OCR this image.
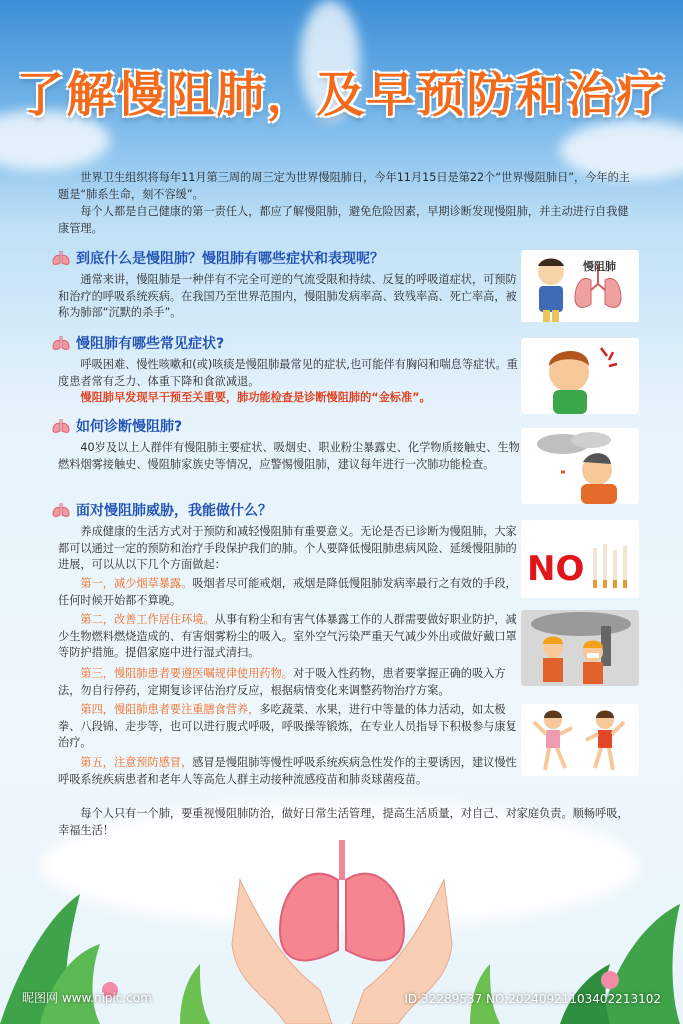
了解慢阻肺，及早预防和治疗

世界卫生组织将每年11月第三周的周三定为世界慢阻肺日，今年11月15日是第22个“世界慢阻肺日”，今年的主题是“肺系生命，刻不容缓”。

每个人都是自己健康的第一责任人，都应了解慢阻肺，避免危险因素，早期诊断发现慢阻肺，并主动进行自我健康管理。

到底什么是慢阻肺？慢阻肺有哪些症状和表现呢？

通常来讲，慢阻肺是一种伴有不完全可逆的气流受限和持续、反复的呼吸道症状，可预防和治疗的呼吸系统疾病。在我国乃至世界范围内，慢阻肺发病率高、致残率高、死亡率高，被称为肺部“沉默的杀手”。

慢阻肺
慢阻肺有哪些常见症状?

呼吸困难、慢性咳嗽和(或)咳痰是慢阻肺最常见的症状,也可能伴有胸闷和喘息等症状。重度患者常有乏力、体重下降和食欲减退。

慢阻肺早发现早干预至关重要，肺功能检查是诊断慢阻肺的“金标准”。

如何诊断慢阻肺?

40岁及以上人群伴有慢阻肺主要症状、吸烟史、职业粉尘暴露史、化学物质接触史、生物燃料烟雾接触史、慢阻肺家族史等情况，应警惕慢阻肺，建议每年进行一次肺功能检查。

面对慢阻肺威胁，我能做什么？

养成健康的生活方式对于预防和减轻慢阻肺有重要意义。无论是否已诊断为慢阻肺，大家都可以通过一定的预防和治疗手段保护我们的肺。个人要降低慢阻肺患病风险、延缓慢阻肺的进展，可以从以下几个方面做起：	NO

第一，减少烟草暴露。吸烟者尽可能戒烟，戒烟是降低慢阻肺发病率最行之有效的手段，任何时候开始都不算晚。

第二，改善工作居住环境。从事有粉尘和有害气体暴露工作的人群需要做好职业防护，减少生物燃料燃烧造成的、有害烟雾粉尘的吸入。室外空气污染严重天气减少外出或做好戴口罩等防护措施。提倡家庭中进行湿式清扫。

第三，慢阻肺患者要遵医嘱规律使用药物。对于吸入性药物，患者要掌握正确的吸入方法，勿自行停药，定期复诊评估治疗反应，根据病情变化来调整药物治疗方案。

第四，慢阻肺患者要注重膳食营养，多吃蔬菜、水果，进行中等量的体力活动，如太极拳、八段锦、走步等，也可以进行腹式呼吸，呼吸操等锻炼，在专业人员指导下积极参与康复治疗。

第五，注意预防感冒，感冒是慢阻肺等慢性呼吸系统疾病急性发作的主要诱因，建议慢性呼吸系统疾病患者和老年人等高危人群主动接种流感疫苗和肺炎球菌疫苗。

每个人只有一个肺，要重视慢阻肺防治，做好日常生活管理，提高生活质量，对自己、对家庭负责。顺畅呼吸，幸福生活！

昵图网 www.nipic.com	ID:32289537 NO:20240921103402213102
